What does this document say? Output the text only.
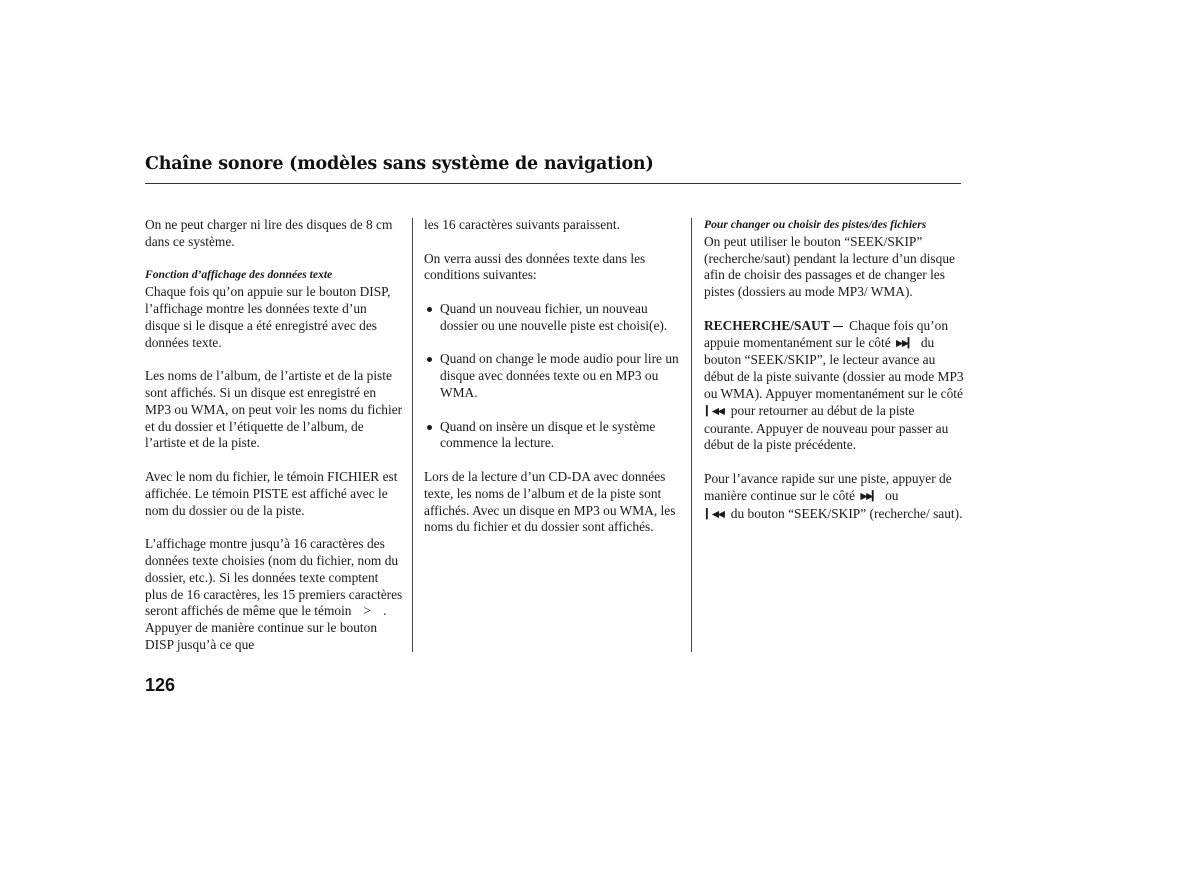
Chaîne sonore (modèles sans système de navigation)

On ne peut charger ni lire des disques de 8 cm dans ce système.

Fonction d’affichage des données texte

Chaque fois qu’on appuie sur le bouton DISP, l’affichage montre les données texte d’un disque si le disque a été enregistré avec des données texte.

Les noms de l’album, de l’artiste et de la piste sont affichés. Si un disque est enregistré en MP3 ou WMA, on peut voir les noms du fichier et du dossier et l’étiquette de l’album, de l’artiste et de la piste.

Avec le nom du fichier, le témoin FICHIER est affichée. Le témoin PISTE est affiché avec le nom du dossier ou de la piste.

L’affichage montre jusqu’à 16 caractères des données texte choisies (nom du fichier, nom du dossier, etc.). Si les données texte comptent plus de 16 caractères, les 15 premiers caractères seront affichés de même que le témoin > . Appuyer de manière continue sur le bouton DISP jusqu’à ce que

les 16 caractères suivants paraissent.

On verra aussi des données texte dans les conditions suivantes:

Quand un nouveau fichier, un nouveau dossier ou une nouvelle piste est choisi(e).
Quand on change le mode audio pour lire un disque avec données texte ou en MP3 ou WMA.
Quand on insère un disque et le système commence la lecture.

Lors de la lecture d’un CD-DA avec données texte, les noms de l’album et de la piste sont affichés. Avec un disque en MP3 ou WMA, les noms du fichier et du dossier sont affichés.

Pour changer ou choisir des pistes/des fichiers

On peut utiliser le bouton “SEEK/SKIP” (recherche/saut) pendant la lecture d’un disque afin de choisir des passages et de changer les pistes (dossiers au mode MP3/ WMA).

RECHERCHE/SAUT Chaque fois qu’on appuie momentanément sur le côté ▶▶▎ du bouton “SEEK/SKIP”, le lecteur avance au début de la piste suivante (dossier au mode MP3 ou WMA). Appuyer momentanément sur le côté ▎◀◀ pour retourner au début de la piste courante. Appuyer de nouveau pour passer au début de la piste précédente.

Pour l’avance rapide sur une piste, appuyer de manière continue sur le côté ▶▶▎ ou
▎◀◀ du bouton “SEEK/SKIP” (recherche/ saut).

126
